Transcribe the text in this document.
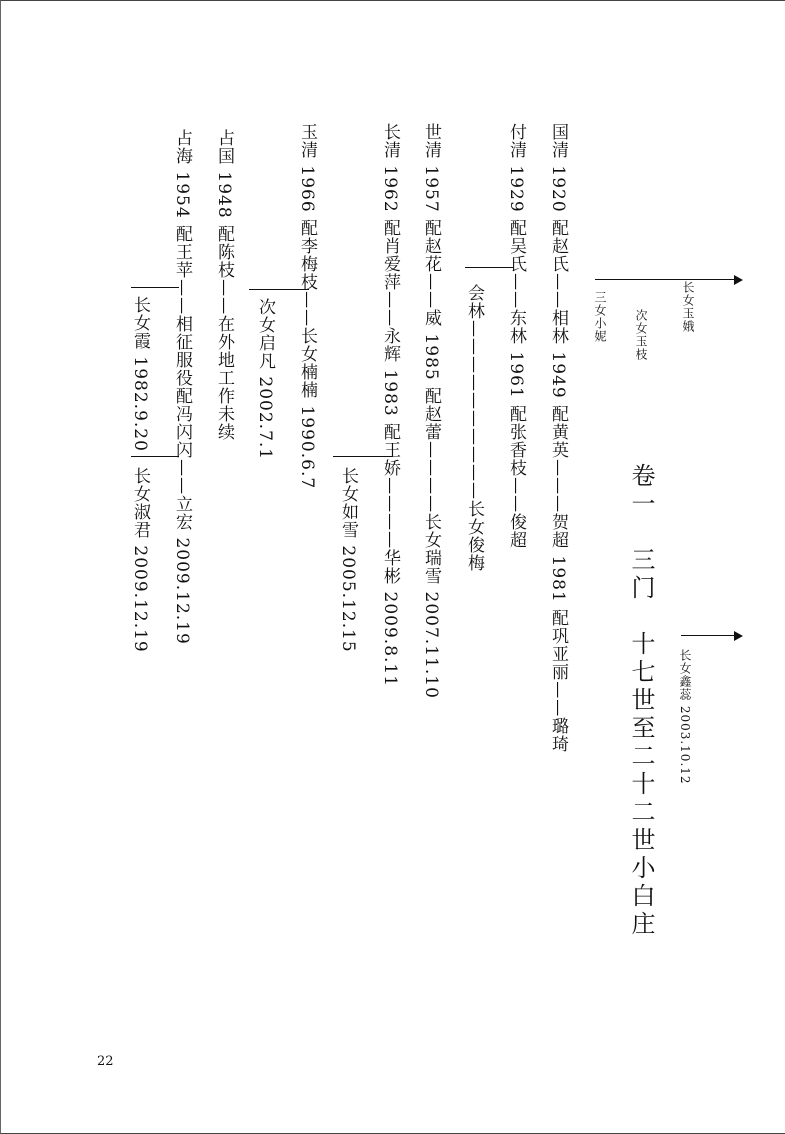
卷一　三门　十七世至二十二世小白庄
长女玉娥
次女玉枝
三女小妮
长女鑫蕊 2003.10.12
国清 1920 配赵氏——相林 1949 配黄英———贺超 1981 配巩亚丽——璐琦
付清 1929 配吴氏——东林 1961 配张香枝——俊超
会林——————————长女俊梅
世清 1957 配赵花——威 1985 配赵蕾————长女瑞雪 2007.11.10
长清 1962 配肖爱萍——永辉 1983 配王娇————华彬 2009.8.11
长女如雪 2005.12.15
玉清 1966 配李梅枝——长女楠楠 1990.6.7
次女启凡 2002.7.1
占国 1948 配陈枝——在外地工作未续
占海 1954 配王苹——相征服役配冯闪闪——立宏 2009.12.19
长女霞 1982.9.20
长女淑君 2009.12.19
22
